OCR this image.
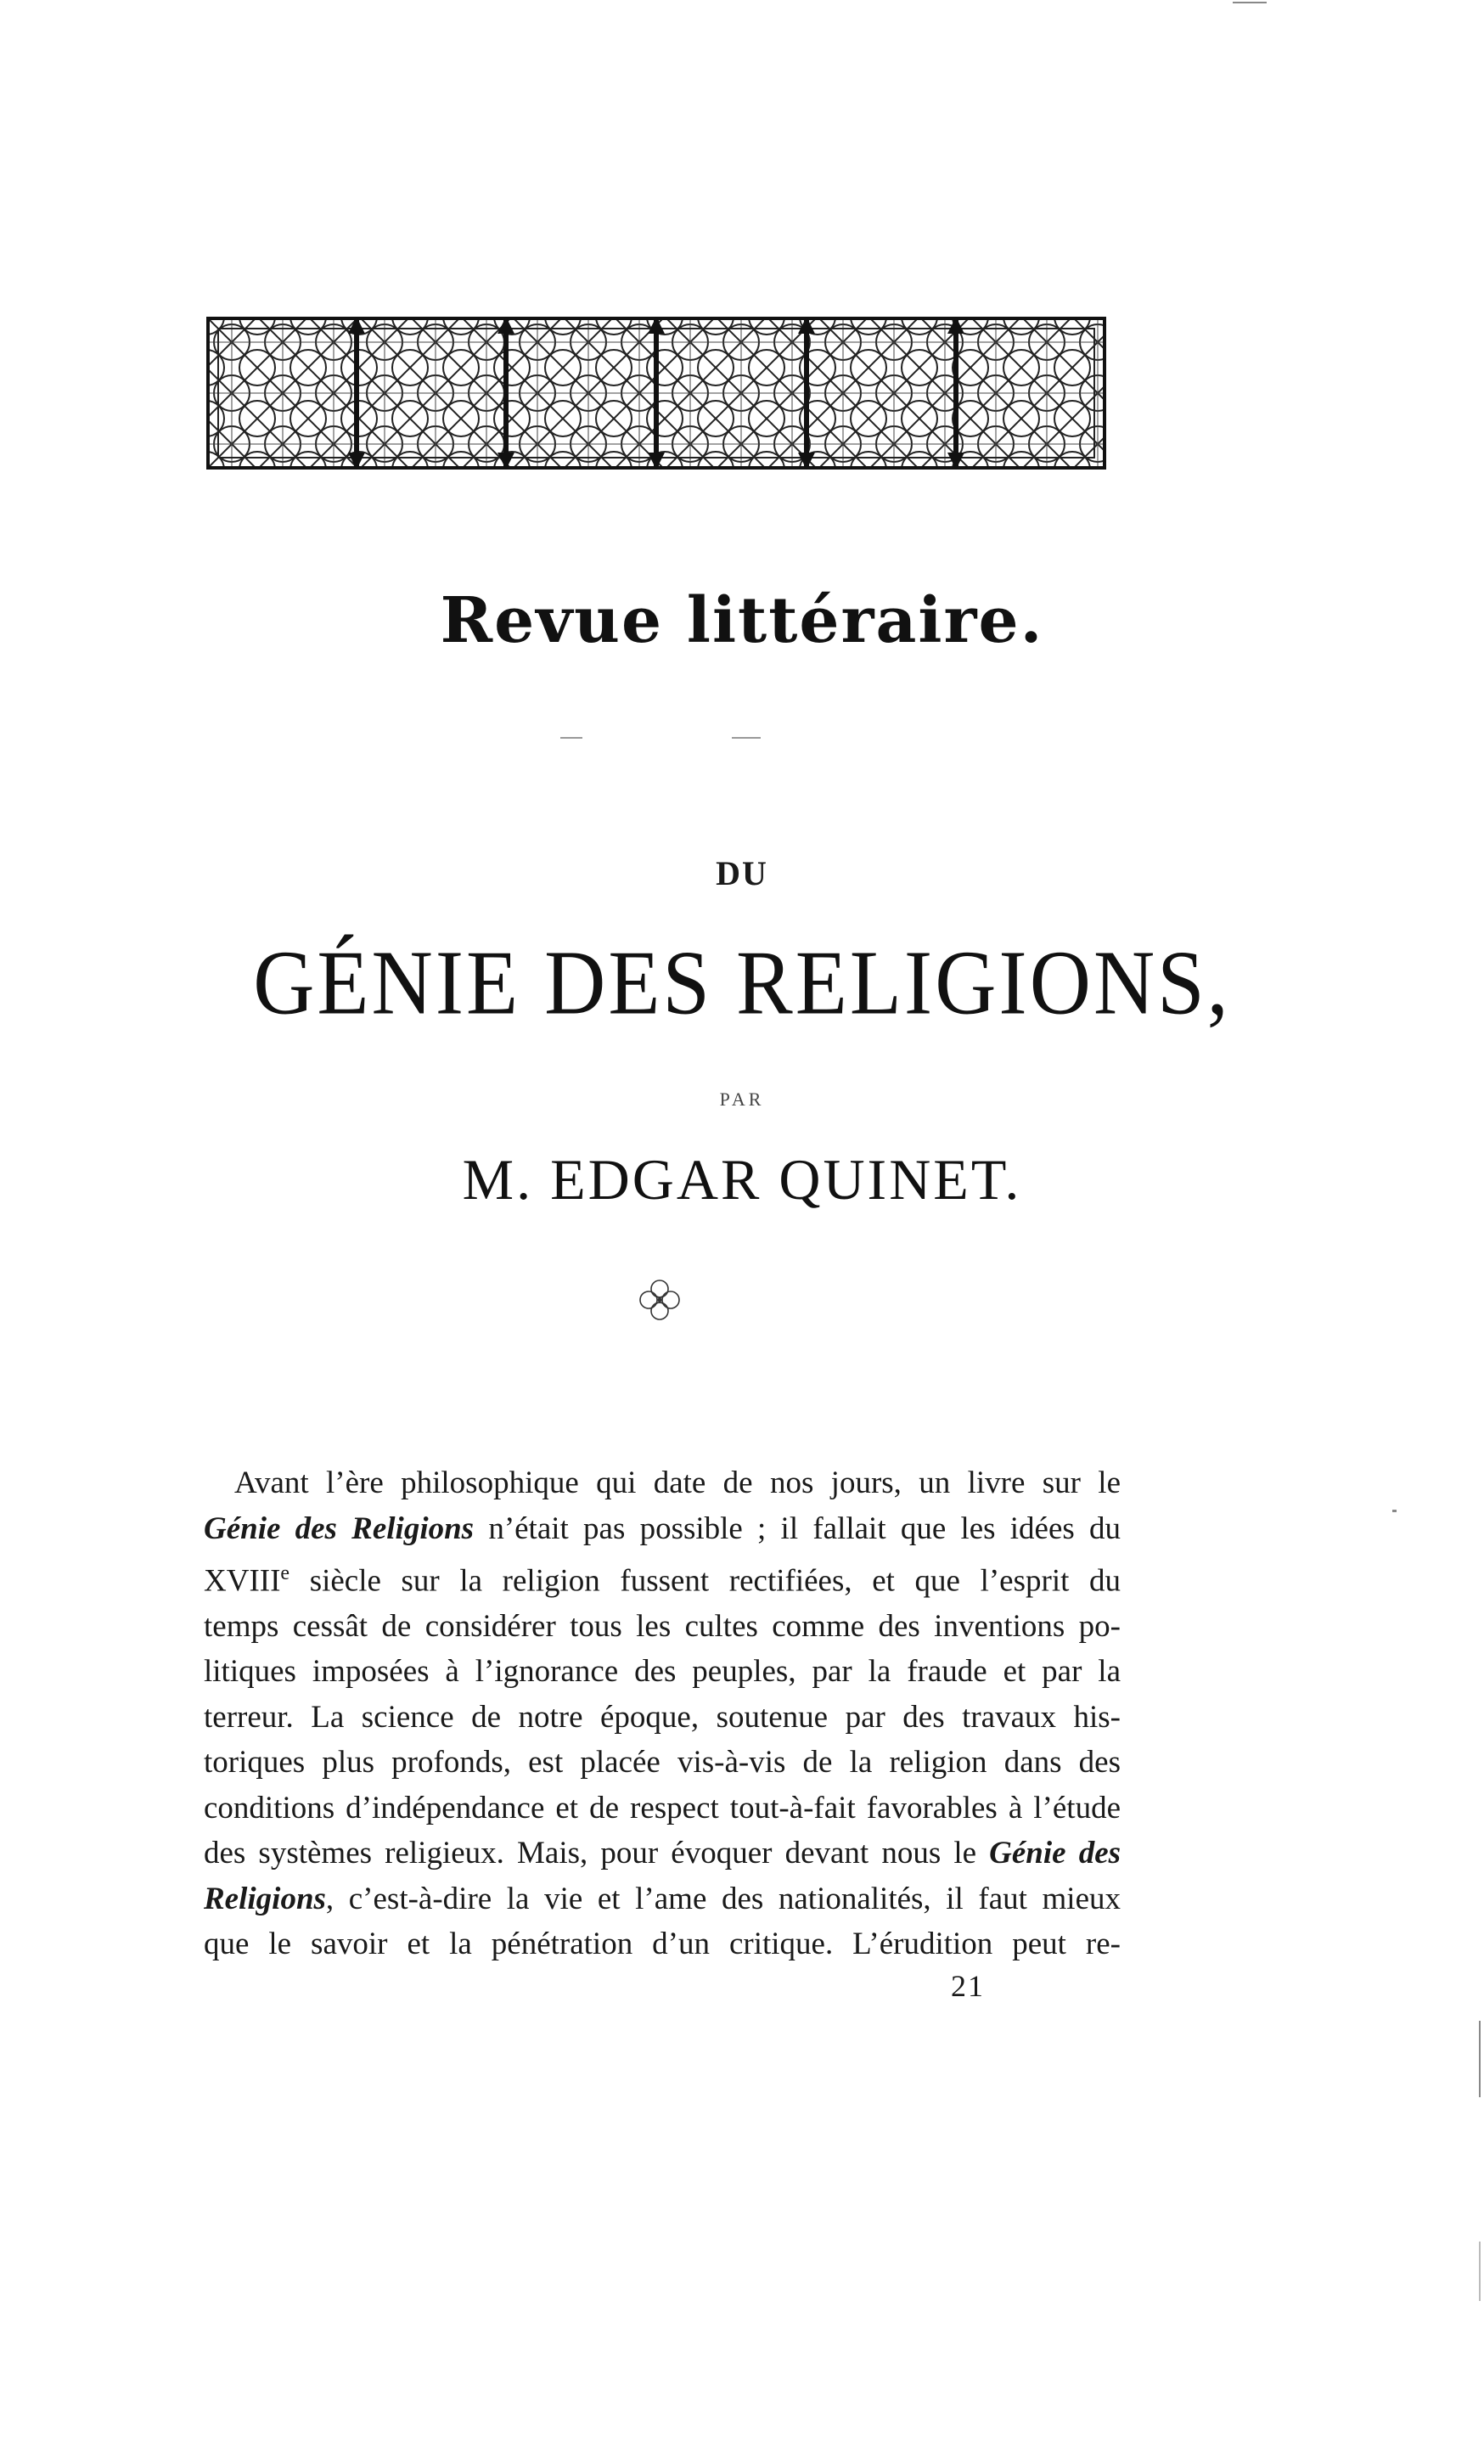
Revue littéraire.
DU
GÉNIE DES RELIGIONS,
PAR
M. EDGAR QUINET.
Avant l’ère philosophique qui date de nos jours, un livre sur le
Génie des Religions n’était pas possible ; il fallait que les idées du
XVIIIe siècle sur la religion fussent rectifiées, et que l’esprit du
temps cessât de considérer tous les cultes comme des inventions po-
litiques imposées à l’ignorance des peuples, par la fraude et par la
terreur. La science de notre époque, soutenue par des travaux his-
toriques plus profonds, est placée vis-à-vis de la religion dans des
conditions d’indépendance et de respect tout-à-fait favorables à l’étude
des systèmes religieux. Mais, pour évoquer devant nous le Génie des
Religions, c’est-à-dire la vie et l’ame des nationalités, il faut mieux
que le savoir et la pénétration d’un critique. L’érudition peut re-
21
